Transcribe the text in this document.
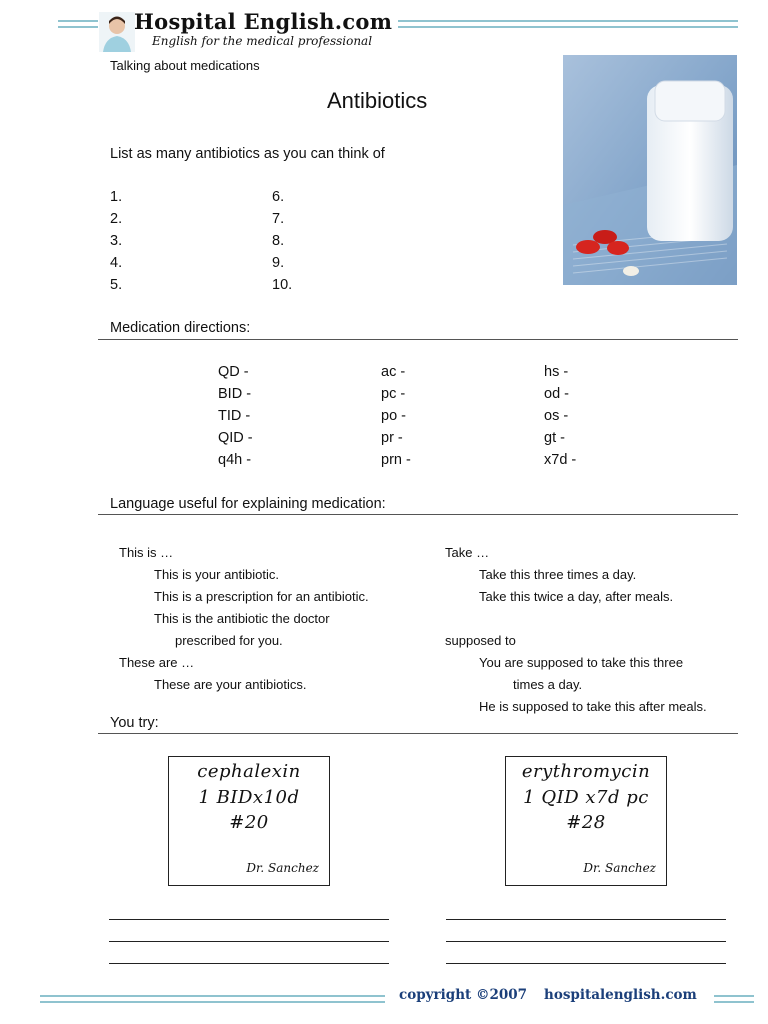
Hospital English.com
English for the medical professional
Talking about medications
Antibiotics
List as many antibiotics as you can think of
1.
2.
3.
4.
5.
6.
7.
8.
9.
10.
Medication directions:
QD -
BID -
TID -
QID -
q4h -
ac -
pc -
po -
pr -
prn -
hs -
od -
os -
gt -
x7d -
Language useful for explaining medication:
This is …
This is your antibiotic.
This is a prescription for an antibiotic.
This is the antibiotic the doctor
prescribed for you.
These are …
These are your antibiotics.
Take …
Take this three times a day.
Take this twice a day, after meals.
supposed to
You are supposed to take this three
times a day.
He is supposed to take this after meals.
You try:
cephalexin
1 BIDx10d
#20
Dr. Sanchez
erythromycin
1 QID x7d pc
#28
Dr. Sanchez
copyright ©2007 hospitalenglish.com
